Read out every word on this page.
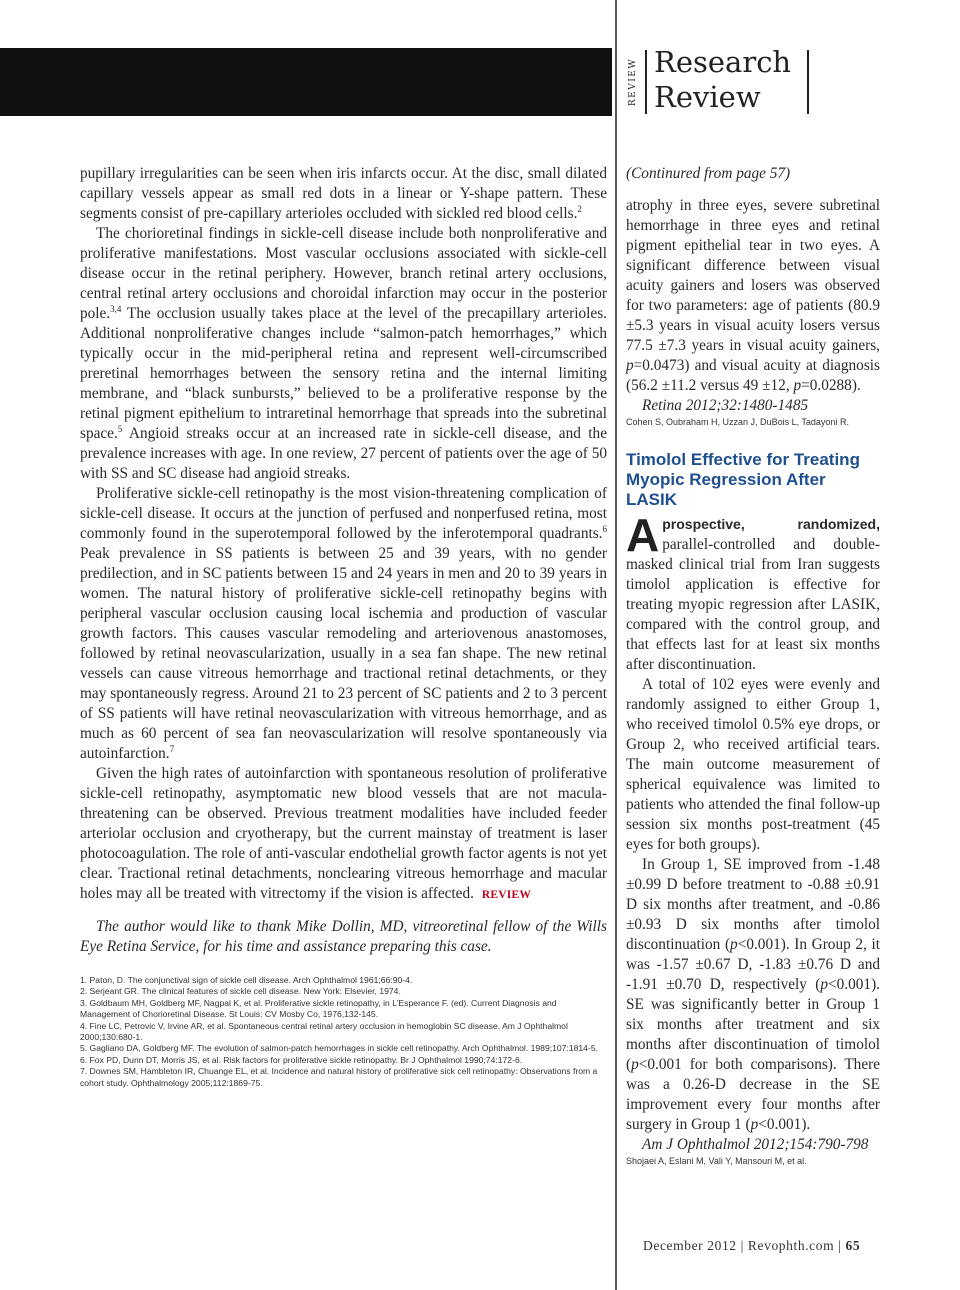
REVIEW Research
Review

pupillary irregularities can be seen when iris infarcts occur. At the disc, small dilated capillary vessels appear as small red dots in a linear or Y-shape pattern. These segments consist of pre-capillary arterioles occluded with sickled red blood cells.$^2$

The chorioretinal findings in sickle-cell disease include both nonproliferative and proliferative manifestations. Most vascular occlusions associated with sickle-cell disease occur in the retinal periphery. However, branch retinal artery occlusions, central retinal artery occlusions and choroidal infarction may occur in the posterior pole.$^{3,4}$ The occlusion usually takes place at the level of the precapillary arterioles. Additional nonproliferative changes include “salmon-patch hemorrhages,” which typically occur in the mid-peripheral retina and represent well-circumscribed preretinal hemorrhages between the sensory retina and the internal limiting membrane, and “black sunbursts,” believed to be a proliferative response by the retinal pigment epithelium to intraretinal hemorrhage that spreads into the subretinal space.$^5$ Angioid streaks occur at an increased rate in sickle-cell disease, and the prevalence increases with age. In one review, 27 percent of patients over the age of 50 with SS and SC disease had angioid streaks.

Proliferative sickle-cell retinopathy is the most vision-threatening complication of sickle-cell disease. It occurs at the junction of perfused and nonperfused retina, most commonly found in the superotemporal followed by the inferotemporal quadrants.$^6$ Peak prevalence in SS patients is between 25 and 39 years, with no gender predilection, and in SC patients between 15 and 24 years in men and 20 to 39 years in women. The natural history of proliferative sickle-cell retinopathy begins with peripheral vascular occlusion causing local ischemia and production of vascular growth factors. This causes vascular remodeling and arteriovenous anastomoses, followed by retinal neovascularization, usually in a sea fan shape. The new retinal vessels can cause vitreous hemorrhage and tractional retinal detachments, or they may spontaneously regress. Around 21 to 23 percent of SC patients and 2 to 3 percent of SS patients will have retinal neovascularization with vitreous hemorrhage, and as much as 60 percent of sea fan neovascularization will resolve spontaneously via autoinfarction.$^7$

Given the high rates of autoinfarction with spontaneous resolution of proliferative sickle-cell retinopathy, asymptomatic new blood vessels that are not macula-threatening can be observed. Previous treatment modalities have included feeder arteriolar occlusion and cryotherapy, but the current mainstay of treatment is laser photocoagulation. The role of anti-vascular endothelial growth factor agents is not yet clear. Tractional retinal detachments, nonclearing vitreous hemorrhage and macular holes may all be treated with vitrectomy if the vision is affected. REVIEW

The author would like to thank Mike Dollin, MD, vitreoretinal fellow of the Wills Eye Retina Service, for his time and assistance preparing this case.

1. Paton, D. The conjunctival sign of sickle cell disease. Arch Ophthalmol 1961;66:90-4.
2. Serjeant GR. The clinical features of sickle cell disease. New York: Elsevier, 1974.
3. Goldbaum MH, Goldberg MF, Nagpal K, et al. Proliferative sickle retinopathy, in L’Esperance F. (ed). Current Diagnosis and Management of Chorioretinal Disease. St Louis: CV Mosby Co, 1976,132-145.
4. Fine LC, Petrovic V, Irvine AR, et al. Spontaneous central retinal artery occlusion in hemoglobin SC disease. Am J Ophthalmol 2000;130:680-1.
5. Gagliano DA, Goldberg MF. The evolution of salmon-patch hemorrhages in sickle cell retinopathy. Arch Ophthalmol. 1989;107:1814-5.
6. Fox PD, Dunn DT, Morris JS, et al. Risk factors for proliferative sickle retinopathy. Br J Ophthalmol 1990;74:172-6.
7. Downes SM, Hambleton IR, Chuange EL, et al. Incidence and natural history of proliferative sick cell retinopathy: Observations from a cohort study. Ophthalmology 2005;112:1869-75.

(Continured from page 57)

atrophy in three eyes, severe subretinal hemorrhage in three eyes and retinal pigment epithelial tear in two eyes. A significant difference between visual acuity gainers and losers was observed for two parameters: age of patients (80.9 ±5.3 years in visual acuity losers versus 77.5 ±7.3 years in visual acuity gainers, p=0.0473) and visual acuity at diagnosis (56.2 ±11.2 versus 49 ±12, p=0.0288).

Retina 2012;32:1480-1485

Cohen S, Oubraham H, Uzzan J, DuBois L, Tadayoni R.

Timolol Effective for Treating Myopic Regression After LASIK

Aprospective, randomized, parallel-controlled and double-masked clinical trial from Iran suggests timolol application is effective for treating myopic regression after LASIK, compared with the control group, and that effects last for at least six months after discontinuation.

A total of 102 eyes were evenly and randomly assigned to either Group 1, who received timolol 0.5% eye drops, or Group 2, who received artificial tears. The main outcome measurement of spherical equivalence was limited to patients who attended the final follow-up session six months post-treatment (45 eyes for both groups).

In Group 1, SE improved from -1.48 ±0.99 D before treatment to -0.88 ±0.91 D six months after treatment, and -0.86 ±0.93 D six months after timolol discontinuation (p<0.001). In Group 2, it was -1.57 ±0.67 D, -1.83 ±0.76 D and -1.91 ±0.70 D, respectively (p<0.001). SE was significantly better in Group 1 six months after treatment and six months after discontinuation of timolol (p<0.001 for both comparisons). There was a 0.26-D decrease in the SE improvement every four months after surgery in Group 1 (p<0.001).

Am J Ophthalmol 2012;154:790-798

Shojaei A, Eslani M, Vali Y, Mansouri M, et al.

December 2012 | Revophth.com | 65
